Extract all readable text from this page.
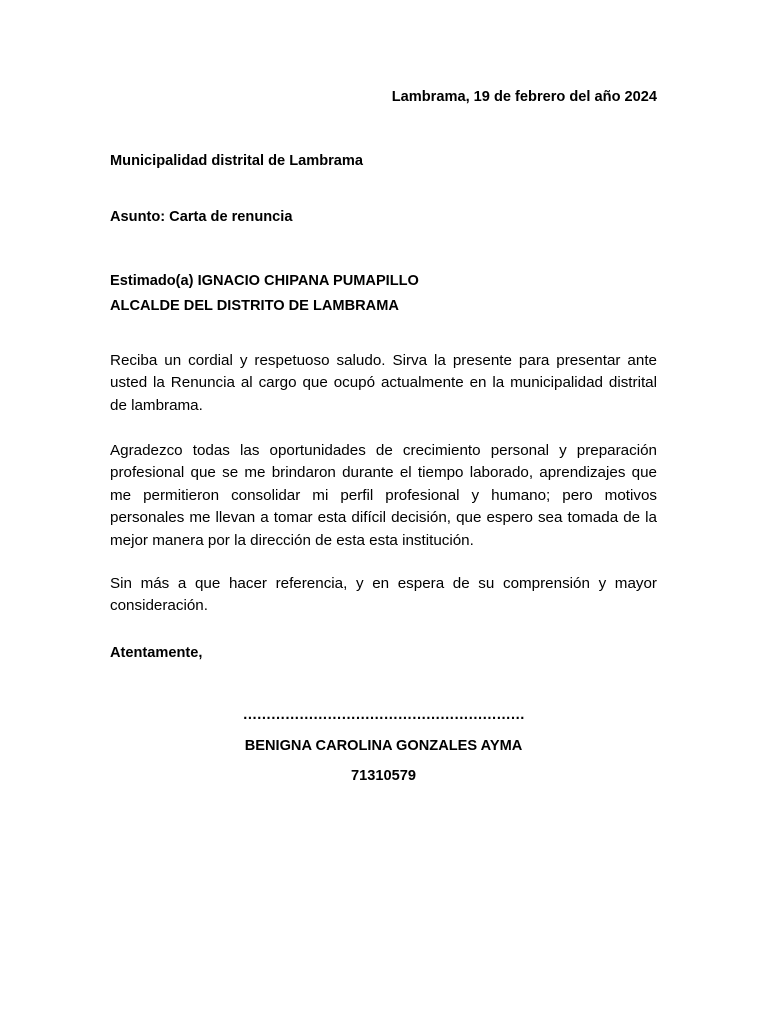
Lambrama, 19 de febrero del año 2024
Municipalidad distrital de Lambrama
Asunto: Carta de renuncia
Estimado(a) IGNACIO CHIPANA PUMAPILLO
ALCALDE DEL DISTRITO DE LAMBRAMA

Reciba un cordial y respetuoso saludo. Sirva la presente para presentar ante usted la Renuncia al cargo que ocupó actualmente en la municipalidad distrital de lambrama.

Agradezco todas las oportunidades de crecimiento personal y preparación profesional que se me brindaron durante el tiempo laborado, aprendizajes que me permitieron consolidar mi perfil profesional y humano; pero motivos personales me llevan a tomar esta difícil decisión, que espero sea tomada de la mejor manera por la dirección de esta esta institución.

Sin más a que hacer referencia, y en espera de su comprensión y mayor consideración.

Atentamente,
……………………………………………………
BENIGNA CAROLINA GONZALES AYMA
71310579
